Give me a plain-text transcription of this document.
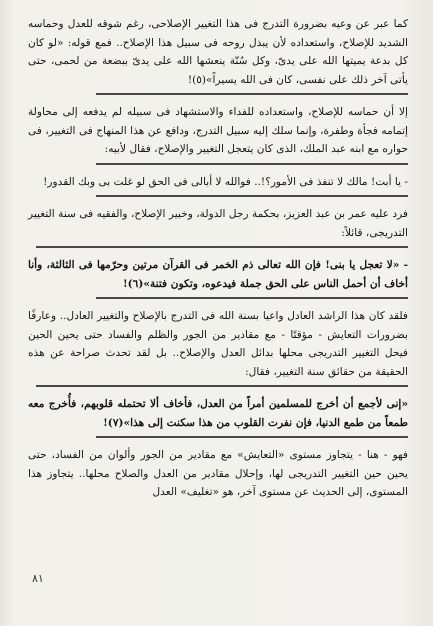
كما عبر عن وعيه بضرورة التدرج فى هذا التغيير الإصلاحى، رغم شوقه للعدل وحماسه الشديد للإصلاح، واستعداده لأن يبذل روحه فى سبيل هذا الإصلاح.. فمع قوله: «لو كان كل بدعة يميتها الله على يدىّ، وكل سُنّة ينعشها الله على يدىّ ببضعة من لحمى، حتى يأتى آخر ذلك على نفسى، كان فى الله يسيراً»(٥)!

إلا أن حماسه للإصلاح، واستعداده للفداء والاستشهاد فى سبيله لم يدفعه إلى محاولة إتمامه فجأة وطفرة، وإنما سلك إليه سبيل التدرج، ودافع عن هذا المنهاج فى التغيير، فى حواره مع ابنه عبد الملك، الذى كان يتعجل التغيير والإصلاح، فقال لأبيه:

- يا أبت! مالك لا تنفذ فى الأمور؟!.. فوالله لا أبالى فى الحق لو غلت بى وبك القدور!

فرد عليه عمر بن عبد العزيز، بحكمة رجل الدولة، وخبير الإصلاح، والفقيه فى سنة التغيير التدريجى، قائلاً:

- «لا تعجل يا بنى! فإن الله تعالى ذم الخمر فى القرآن مرتين وحرّمها فى الثالثة، وأنا أخاف أن أحمل الناس على الحق جملة فيدعوه، وتكون فتنة»(٦)!

فلقد كان هذا الراشد العادل واعيا بسنة الله فى التدرج بالإصلاح والتغيير العادل.. وعارفًا بضرورات التعايش - مؤقتًا - مع مقادير من الجور والظلم والفساد حتى يحين الحين فيحل التغيير التدريجى محلها بدائل العدل والإصلاح.. بل لقد تحدث صراحة عن هذه الحقيقة من حقائق سنة التغيير، فقال:

«إنى لأجمع أن أخرج للمسلمين أمراً من العدل، فأخاف ألا تحتمله قلوبهم، فأُخرج معه طمعاً من طمع الدنيا، فإن نفرت القلوب من هذا سكنت إلى هذا»(٧)!

فهو - هنا - يتجاوز مستوى «التعايش» مع مقادير من الجور وألوان من الفساد، حتى يحين حين التغيير التدريجى لها، وإحلال مقادير من العدل والصلاح محلها.. يتجاوز هذا المستوى، إلى الحديث عن مستوى آخر، هو «تغليف» العدل

٨١
